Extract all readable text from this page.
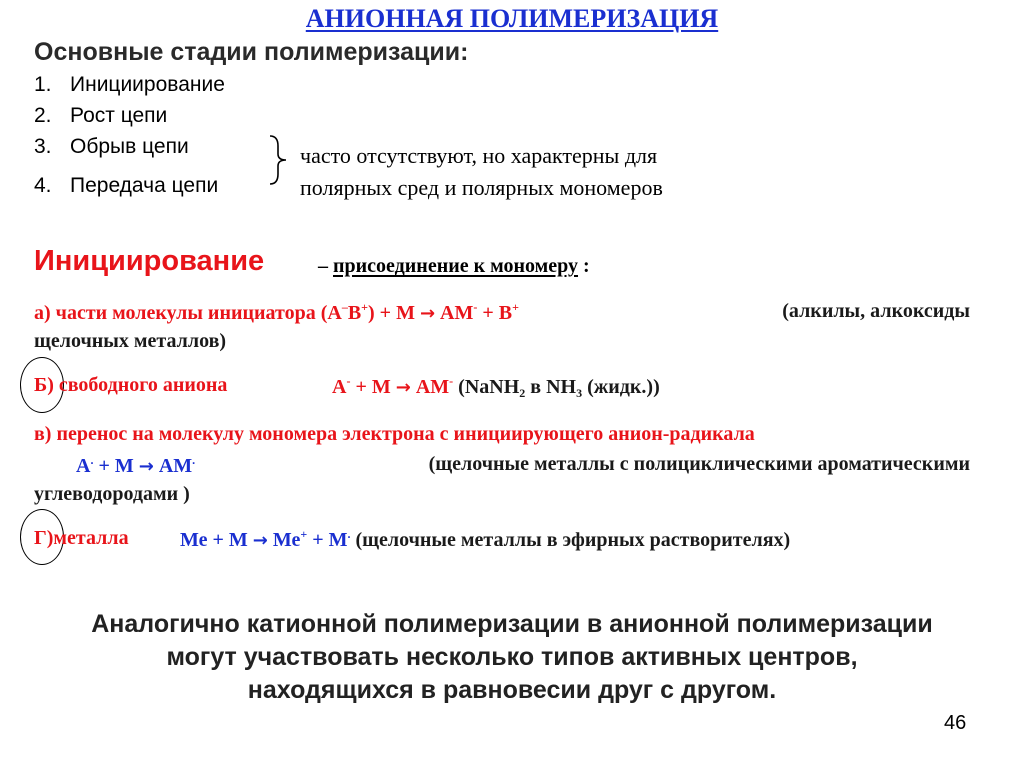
АНИОННАЯ ПОЛИМЕРИЗАЦИЯ
Основные стадии полимеризации:
1. Инициирование
2. Рост цепи
3. Обрыв цепи
4. Передача цепи
часто отсутствуют, но характерны для
полярных сред и полярных мономеров
Инициирование	– присоединение к мономеру :
а) части молекулы инициатора (А–В+) + М → АМ- + В+	(алкилы, алкоксиды
щелочных металлов)
Б) свободного аниона	А- + М → АМ- (NaNH$_2$ в $NH_3$ (жидк.))
в) перенос на молекулу мономера электрона с инициирующего анион-радикала
А. + М → АМ.	(щелочные металлы с полициклическими ароматическими
углеводородами )
Г)металла	Ме + М → Ме+ + М. (щелочные металлы в эфирных растворителях)
Аналогично катионной полимеризации в анионной полимеризации
могут участвовать несколько типов активных центров,
находящихся в равновесии друг с другом.
46
